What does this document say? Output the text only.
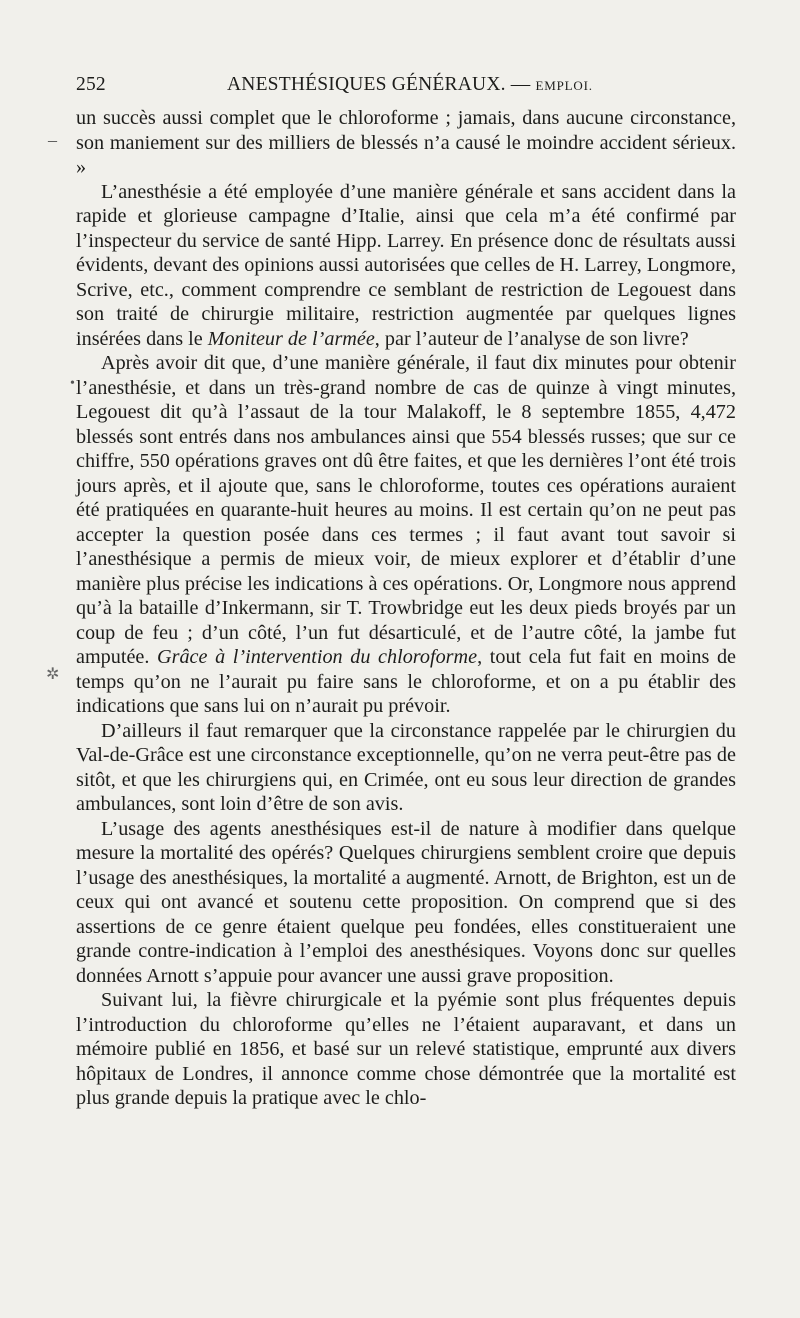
252	ANESTHÉSIQUES GÉNÉRAUX. — EMPLOI.
–
•
✲

un succès aussi complet que le chloroforme ; jamais, dans aucune circonstance, son maniement sur des milliers de blessés n’a causé le moindre accident sérieux. »

L’anesthésie a été employée d’une manière générale et sans accident dans la rapide et glorieuse campagne d’Italie, ainsi que cela m’a été confirmé par l’inspecteur du service de santé Hipp. Larrey. En présence donc de résultats aussi évidents, devant des opinions aussi autorisées que celles de H. Larrey, Longmore, Scrive, etc., comment comprendre ce semblant de restriction de Legouest dans son traité de chirurgie militaire, restriction augmentée par quelques lignes insérées dans le Moniteur de l’armée, par l’auteur de l’analyse de son livre?

Après avoir dit que, d’une manière générale, il faut dix minutes pour obtenir l’anesthésie, et dans un très-grand nombre de cas de quinze à vingt minutes, Legouest dit qu’à l’assaut de la tour Malakoff, le 8 septembre 1855, 4,472 blessés sont entrés dans nos ambulances ainsi que 554 blessés russes; que sur ce chiffre, 550 opérations graves ont dû être faites, et que les dernières l’ont été trois jours après, et il ajoute que, sans le chloroforme, toutes ces opérations auraient été pratiquées en quarante-huit heures au moins. Il est certain qu’on ne peut pas accepter la question posée dans ces termes ; il faut avant tout savoir si l’anesthésique a permis de mieux voir, de mieux explorer et d’établir d’une manière plus précise les indications à ces opérations. Or, Longmore nous apprend qu’à la bataille d’Inkermann, sir T. Trowbridge eut les deux pieds broyés par un coup de feu ; d’un côté, l’un fut désarticulé, et de l’autre côté, la jambe fut amputée. Grâce à l’intervention du chloroforme, tout cela fut fait en moins de temps qu’on ne l’aurait pu faire sans le chloroforme, et on a pu établir des indications que sans lui on n’aurait pu prévoir.

D’ailleurs il faut remarquer que la circonstance rappelée par le chirurgien du Val-de-Grâce est une circonstance exceptionnelle, qu’on ne verra peut-être pas de sitôt, et que les chirurgiens qui, en Crimée, ont eu sous leur direction de grandes ambulances, sont loin d’être de son avis.

L’usage des agents anesthésiques est-il de nature à modifier dans quelque mesure la mortalité des opérés? Quelques chirurgiens semblent croire que depuis l’usage des anesthésiques, la mortalité a augmenté. Arnott, de Brighton, est un de ceux qui ont avancé et soutenu cette proposition. On comprend que si des assertions de ce genre étaient quelque peu fondées, elles constitueraient une grande contre-indication à l’emploi des anesthésiques. Voyons donc sur quelles données Arnott s’appuie pour avancer une aussi grave proposition.

Suivant lui, la fièvre chirurgicale et la pyémie sont plus fréquentes depuis l’introduction du chloroforme qu’elles ne l’étaient auparavant, et dans un mémoire publié en 1856, et basé sur un relevé statistique, emprunté aux divers hôpitaux de Londres, il annonce comme chose démontrée que la mortalité est plus grande depuis la pratique avec le chlo-
